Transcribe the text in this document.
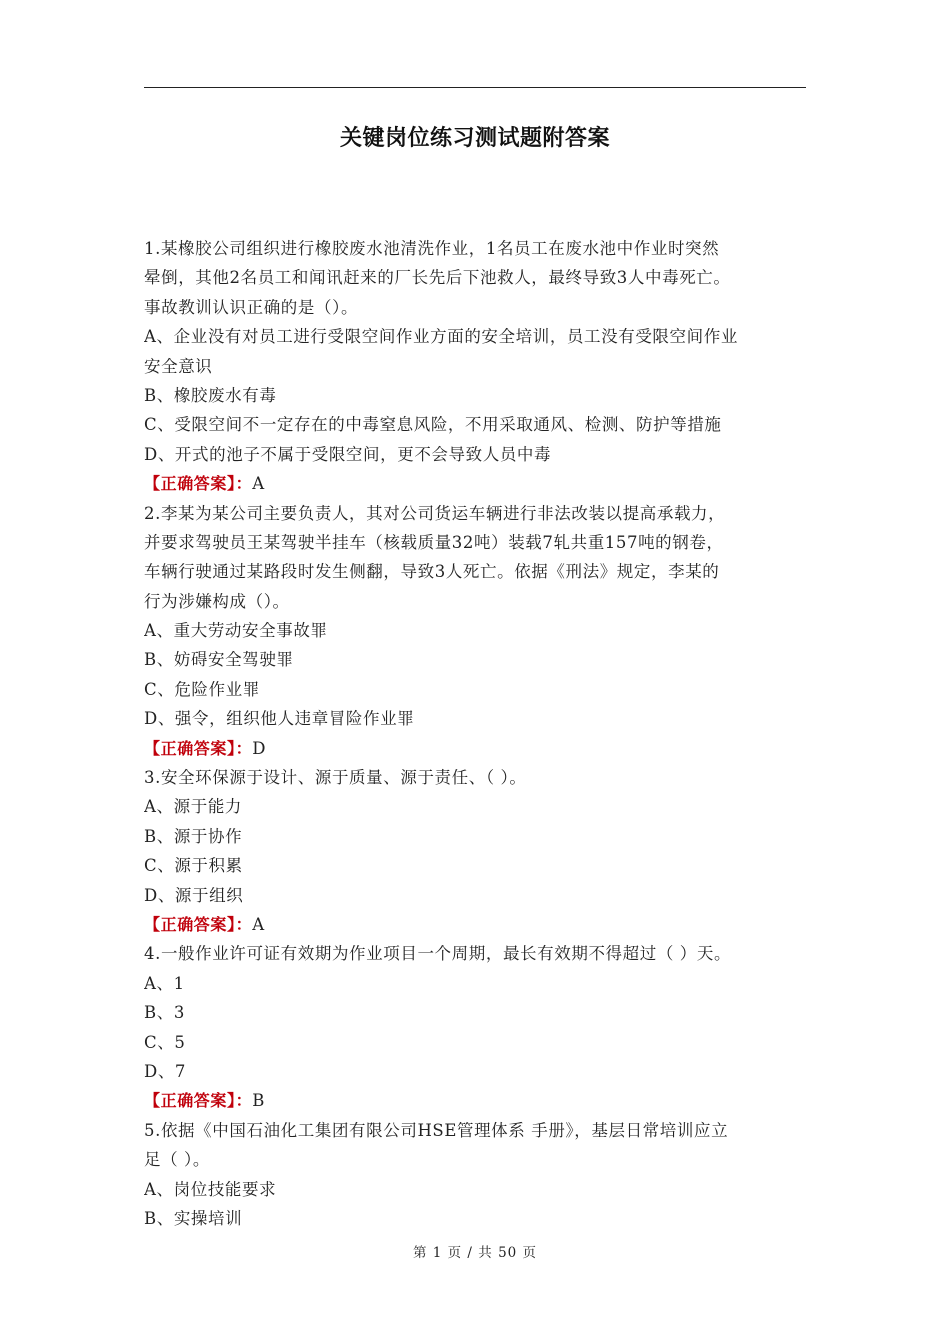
关键岗位练习测试题附答案
1.某橡胶公司组织进行橡胶废水池清洗作业，1名员工在废水池中作业时突然
晕倒，其他2名员工和闻讯赶来的厂长先后下池救人，最终导致3人中毒死亡。
事故教训认识正确的是（）。
A、企业没有对员工进行受限空间作业方面的安全培训，员工没有受限空间作业
安全意识
B、橡胶废水有毒
C、受限空间不一定存在的中毒窒息风险，不用采取通风、检测、防护等措施
D、开式的池子不属于受限空间，更不会导致人员中毒
【正确答案】：A
2.李某为某公司主要负责人，其对公司货运车辆进行非法改装以提高承载力，
并要求驾驶员王某驾驶半挂车（核载质量32吨）装载7轧共重157吨的钢卷，
车辆行驶通过某路段时发生侧翻，导致3人死亡。依据《刑法》规定，李某的
行为涉嫌构成（）。
A、重大劳动安全事故罪
B、妨碍安全驾驶罪
C、危险作业罪
D、强令，组织他人违章冒险作业罪
【正确答案】：D
3.安全环保源于设计、源于质量、源于责任、（ ）。
A、源于能力
B、源于协作
C、源于积累
D、源于组织
【正确答案】：A
4.一般作业许可证有效期为作业项目一个周期，最长有效期不得超过（ ）天。
A、1
B、3
C、5
D、7
【正确答案】：B
5.依据《中国石油化工集团有限公司HSE管理体系 手册》，基层日常培训应立
足（ ）。
A、岗位技能要求
B、实操培训
第 1 页 / 共 50 页
